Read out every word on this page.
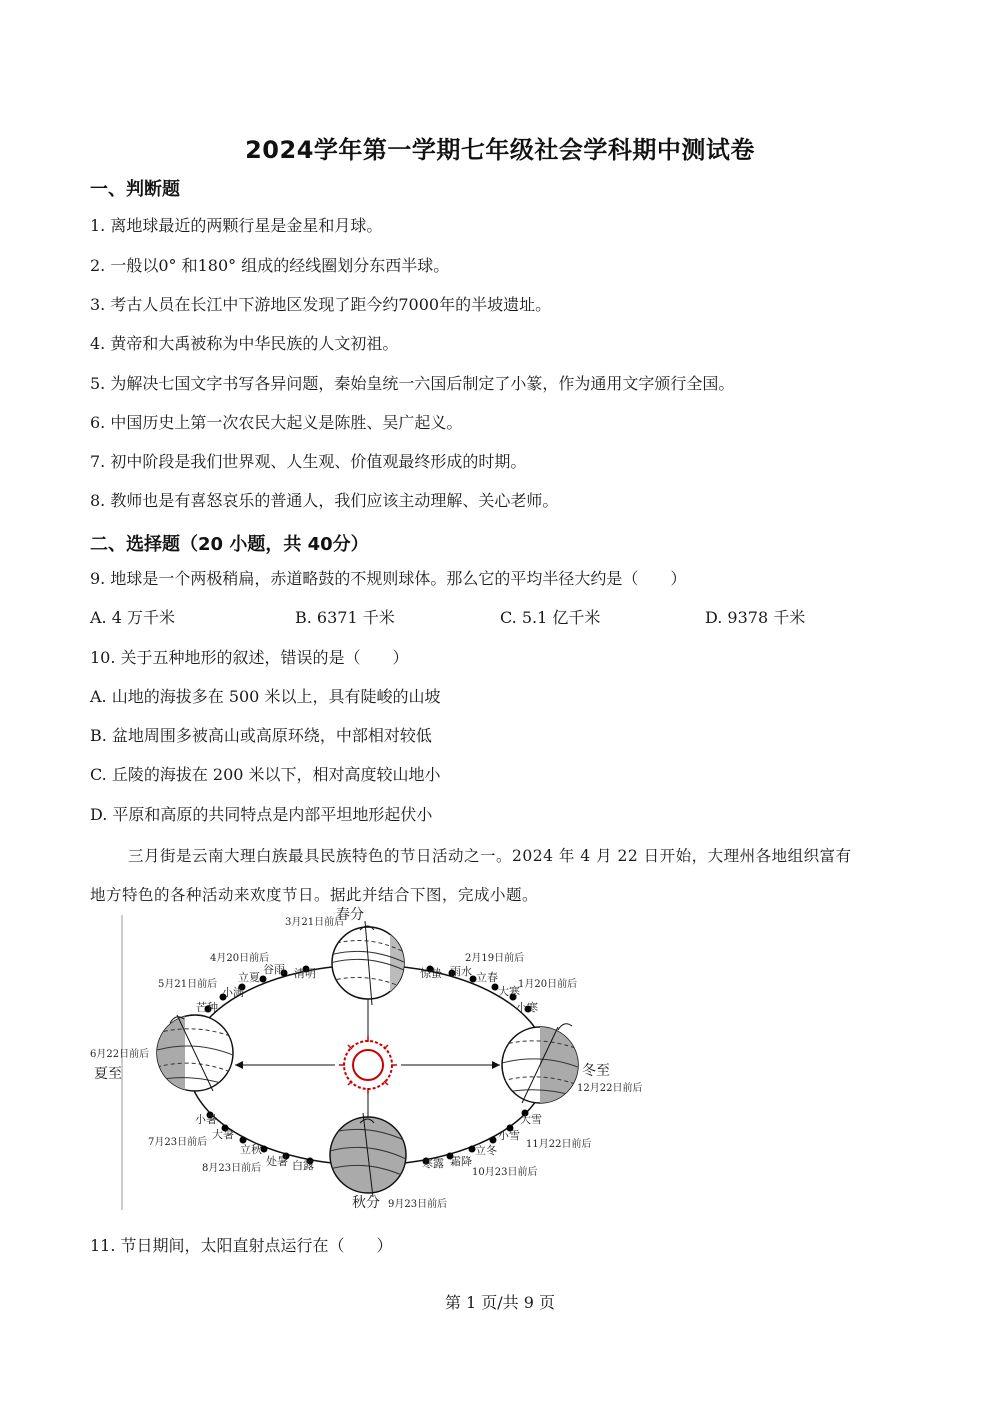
2024学年第一学期七年级社会学科期中测试卷
一、判断题
1. 离地球最近的两颗行星是金星和月球。
2. 一般以0° 和180° 组成的经线圈划分东西半球。
3. 考古人员在长江中下游地区发现了距今约7000年的半坡遗址。
4. 黄帝和大禹被称为中华民族的人文初祖。
5. 为解决七国文字书写各异问题，秦始皇统一六国后制定了小篆，作为通用文字颁行全国。
6. 中国历史上第一次农民大起义是陈胜、吴广起义。
7. 初中阶段是我们世界观、人生观、价值观最终形成的时期。
8. 教师也是有喜怒哀乐的普通人，我们应该主动理解、关心老师。
二、选择题（20 小题，共 40分）
9. 地球是一个两极稍扁，赤道略鼓的不规则球体。那么它的平均半径大约是（　　）
A. 4 万千米	B. 6371 千米	C. 5.1 亿千米	D. 9378 千米
10. 关于五种地形的叙述，错误的是（　　）
A. 山地的海拔多在 500 米以上，具有陡峻的山坡
B. 盆地周围多被高山或高原环绕，中部相对较低
C. 丘陵的海拔在 200 米以下，相对高度较山地小
D. 平原和高原的共同特点是内部平坦地形起伏小
三月街是云南大理白族最具民族特色的节日活动之一。2024 年 4 月 22 日开始，大理州各地组织富有
地方特色的各种活动来欢度节日。据此并结合下图，完成小题。
春分
3月21日前后
4月20日前后
5月21日前后
清明
谷雨
立夏
小满
芒种
6月22日前后
夏至
2月19日前后
1月20日前后
惊蛰 雨水 立春
大寒
小寒
冬至
12月22日前后
小暑
7月23日前后
大暑
立秋
8月23日前后
处暑 白露
秋分 9月23日前后
寒露 霜降
立冬
10月23日前后
小雪
11月22日前后
大雪
11. 节日期间，太阳直射点运行在（　　）
第 1 页/共 9 页
